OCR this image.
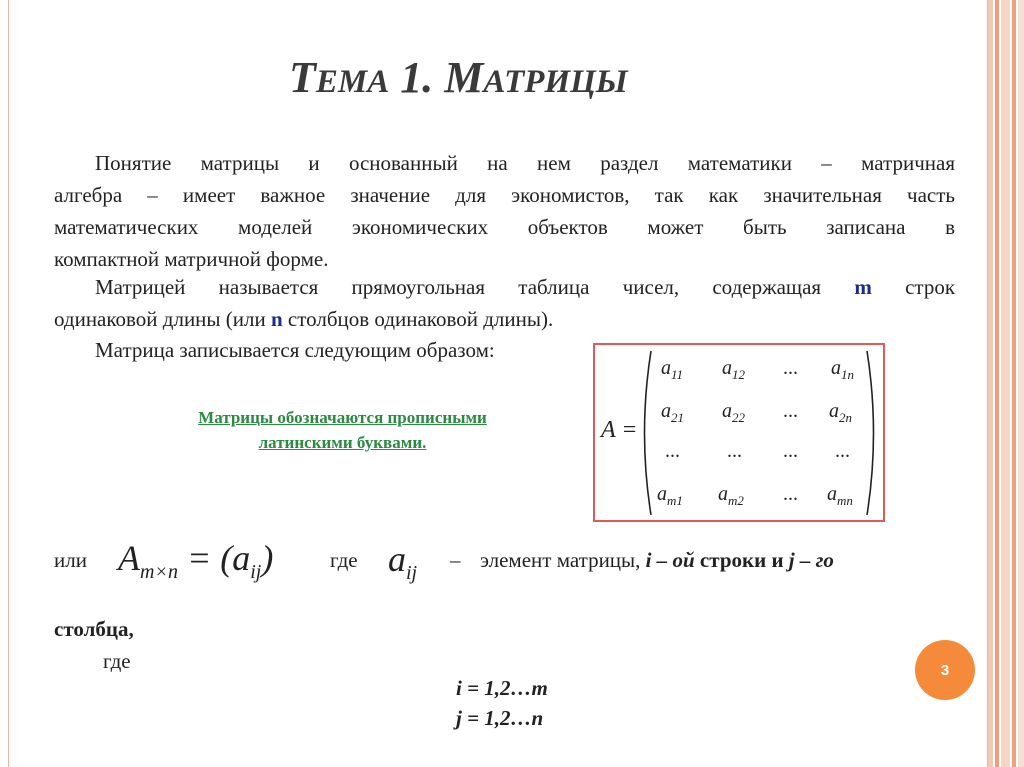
ТЕМА 1. МАТРИЦЫ
Понятие матрицы и основанный на нем раздел математики – матричная
алгебра – имеет важное значение для экономистов, так как значительная часть
математических моделей экономических объектов может быть записана в
компактной матричной форме.
Матрицей называется прямоугольная таблица чисел, содержащая m строк
одинаковой длины (или n столбцов одинаковой длины).
Матрица записывается следующим образом:
Матрицы обозначаются прописными
латинскими буквами.	A =
$a_{11}$ $a_{12}$ ... $a_{1n}$
$a_{21}$ $a_{22}$ ... $a_{2n}$
... ... ... ...
$a_{m1}$ $a_{m2}$ ... $a_{mn}$
или $A_{m\times n} = (a_{ij})$	где $a_{ij}$
– элемент матрицы, i – ой строки и j – го
столбца,
где
i = 1,2…m
j = 1,2…n
3
